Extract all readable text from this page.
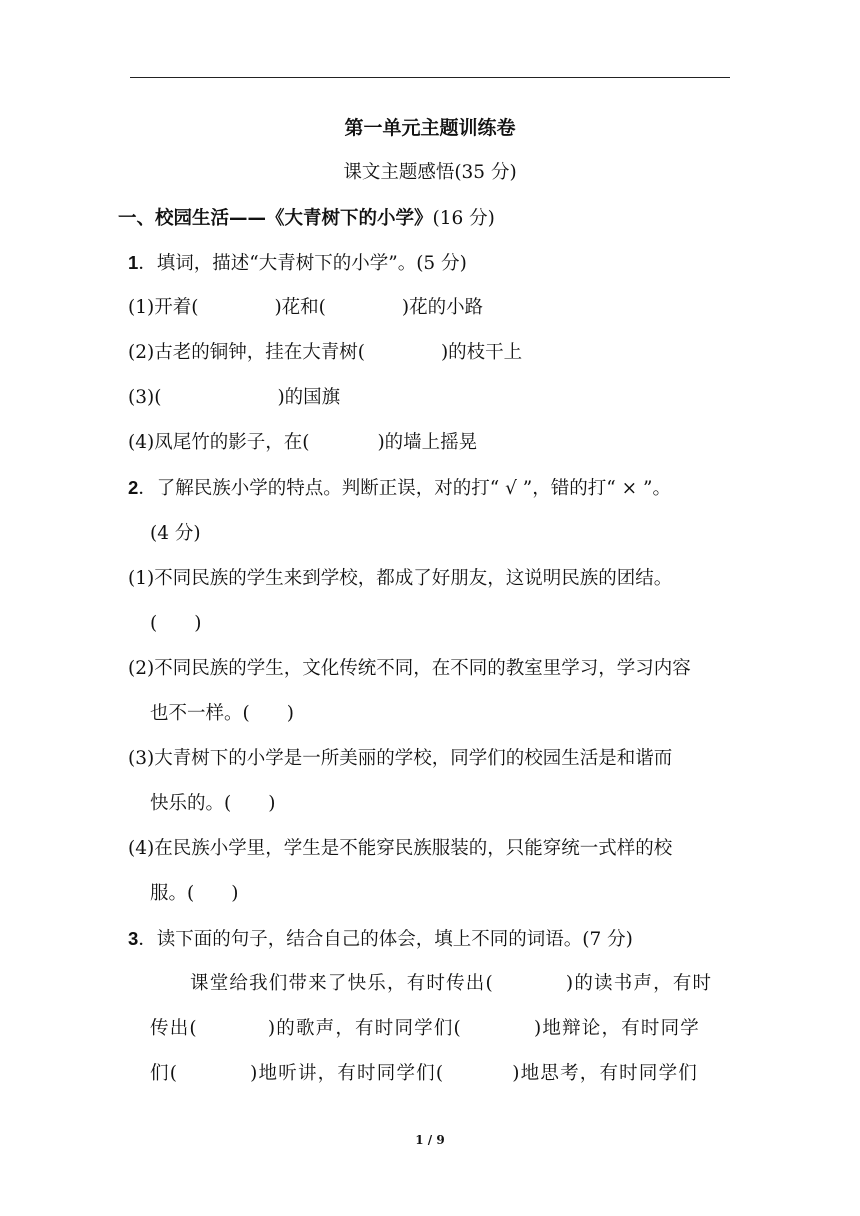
第一单元主题训练卷
课文主题感悟(35 分)
一、校园生活——《大青树下的小学》(16 分)
1．填词，描述“大青树下的小学”。(5 分)
(1)开着(	)花和(	)花的小路
(2)古老的铜钟，挂在大青树(	)的枝干上
(3)(	)的国旗
(4)凤尾竹的影子，在(	)的墙上摇晃
2．了解民族小学的特点。判断正误，对的打“ √ ”，错的打“ × ”。
(4 分)
(1)不同民族的学生来到学校，都成了好朋友，这说明民族的团结。
(　　)
(2)不同民族的学生，文化传统不同，在不同的教室里学习，学习内容
也不一样。(　　)
(3)大青树下的小学是一所美丽的学校，同学们的校园生活是和谐而
快乐的。(　　)
(4)在民族小学里，学生是不能穿民族服装的，只能穿统一式样的校
服。(　　)
3．读下面的句子，结合自己的体会，填上不同的词语。(7 分)
课堂给我们带来了快乐，有时传出(	)的读书声，有时
传出(	)的歌声，有时同学们(	)地辩论，有时同学
们(	)地听讲，有时同学们(	)地思考，有时同学们
1 / 9
